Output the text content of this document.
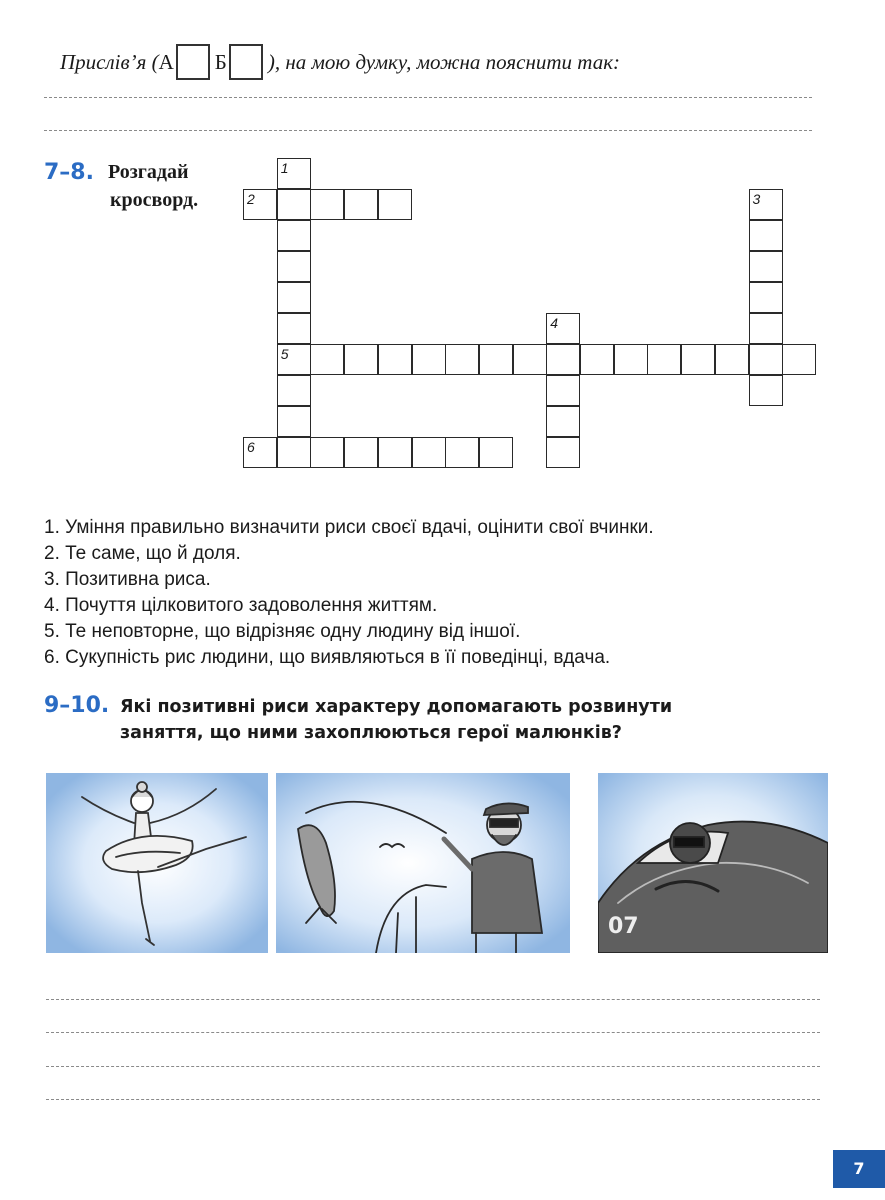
Прислів’я ( А Б ), на мою думку, можна пояснити так:
7–8. Розгадай
кросворд.
1
5
2	3
4
6
1. Уміння правильно визначити риси своєї вдачі, оцінити свої вчинки.
2. Те саме, що й доля.
3. Позитивна риса.
4. Почуття цілковитого задоволення життям.
5. Те неповторне, що відрізняє одну людину від іншої.
6. Сукупність рис людини, що виявляються в її поведінці, вдача.
9–10. Які позитивні риси характеру допомагають розвинути
заняття, що ними захоплюються герої малюнків?
07
7
